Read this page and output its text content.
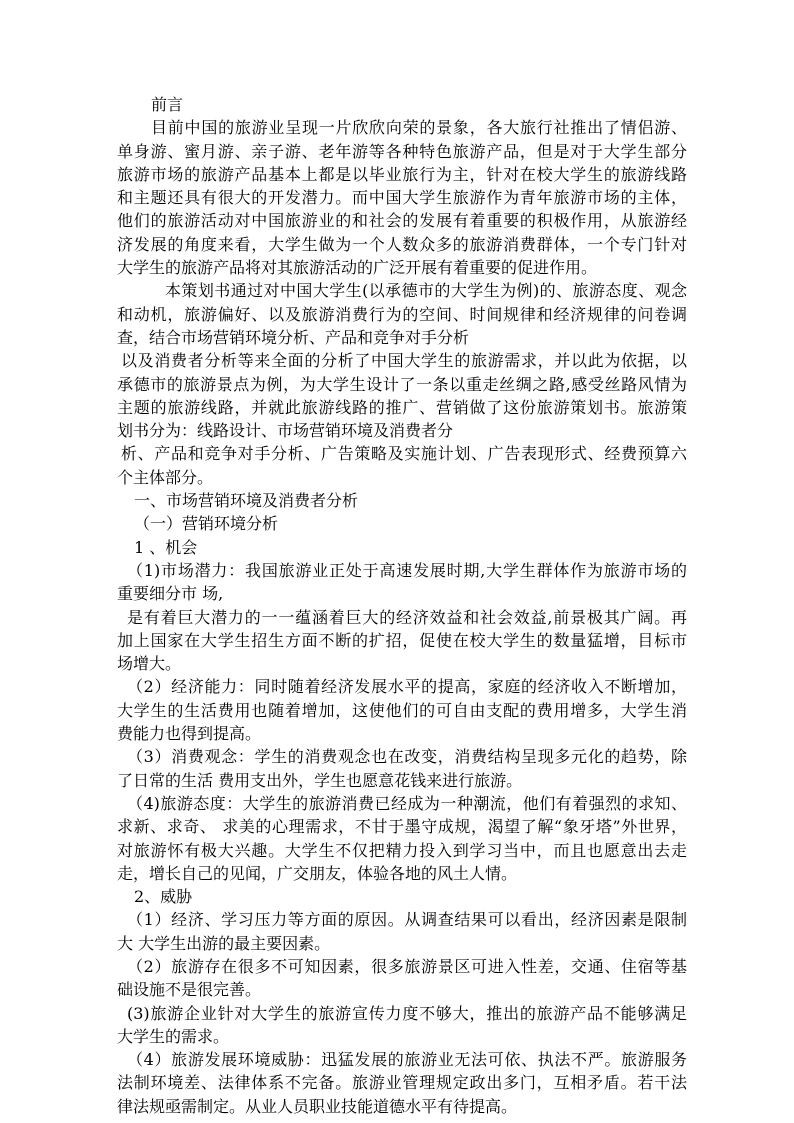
前言
目前中国的旅游业呈现一片欣欣向荣的景象，各大旅行社推出了情侣游、
单身游、蜜月游、亲子游、老年游等各种特色旅游产品，但是对于大学生部分
旅游市场的旅游产品基本上都是以毕业旅行为主，针对在校大学生的旅游线路
和主题还具有很大的开发潜力。而中国大学生旅游作为青年旅游市场的主体，
他们的旅游活动对中国旅游业的和社会的发展有着重要的积极作用，从旅游经
济发展的角度来看，大学生做为一个人数众多的旅游消费群体，一个专门针对
大学生的旅游产品将对其旅游活动的广泛开展有着重要的促进作用。
本策划书通过对中国大学生(以承德市的大学生为例)的、旅游态度、观念
和动机，旅游偏好、以及旅游消费行为的空间、时间规律和经济规律的问卷调
查，结合市场营销环境分析、产品和竞争对手分析
以及消费者分析等来全面的分析了中国大学生的旅游需求，并以此为依据，以
承德市的旅游景点为例，为大学生设计了一条以重走丝绸之路,感受丝路风情为
主题的旅游线路，并就此旅游线路的推广、营销做了这份旅游策划书。旅游策
划书分为：线路设计、市场营销环境及消费者分
析、产品和竞争对手分析、广告策略及实施计划、广告表现形式、经费预算六
个主体部分。
一、市场营销环境及消费者分析
（一）营销环境分析
1 、机会
（1)市场潜力：我国旅游业正处于高速发展时期,大学生群体作为旅游市场的
重要细分市 场,
是有着巨大潜力的一一蕴涵着巨大的经济效益和社会效益,前景极其广阔。再
加上国家在大学生招生方面不断的扩招，促使在校大学生的数量猛增，目标市
场增大。
（2）经济能力：同时随着经济发展水平的提高，家庭的经济收入不断增加，
大学生的生活费用也随着增加，这使他们的可自由支配的费用增多，大学生消
费能力也得到提高。
（3）消费观念：学生的消费观念也在改变，消费结构呈现多元化的趋势，除
了日常的生活 费用支出外，学生也愿意花钱来进行旅游。
（4)旅游态度：大学生的旅游消费已经成为一种潮流，他们有着强烈的求知、
求新、求奇、 求美的心理需求，不甘于墨守成规，渴望了解“象牙塔”外世界，
对旅游怀有极大兴趣。大学生不仅把精力投入到学习当中，而且也愿意出去走
走，增长自己的见闻，广交朋友，体验各地的风土人情。
2、威胁
（1）经济、学习压力等方面的原因。从调查结果可以看出，经济因素是限制
大 大学生出游的最主要因素。
（2）旅游存在很多不可知因素，很多旅游景区可进入性差，交通、住宿等基
础设施不是很完善。
(3)旅游企业针对大学生的旅游宣传力度不够大，推出的旅游产品不能够满足
大学生的需求。
（4）旅游发展环境威胁：迅猛发展的旅游业无法可依、执法不严。旅游服务
法制环境差、法律体系不完备。旅游业管理规定政出多门，互相矛盾。若干法
律法规亟需制定。从业人员职业技能道德水平有待提高。
